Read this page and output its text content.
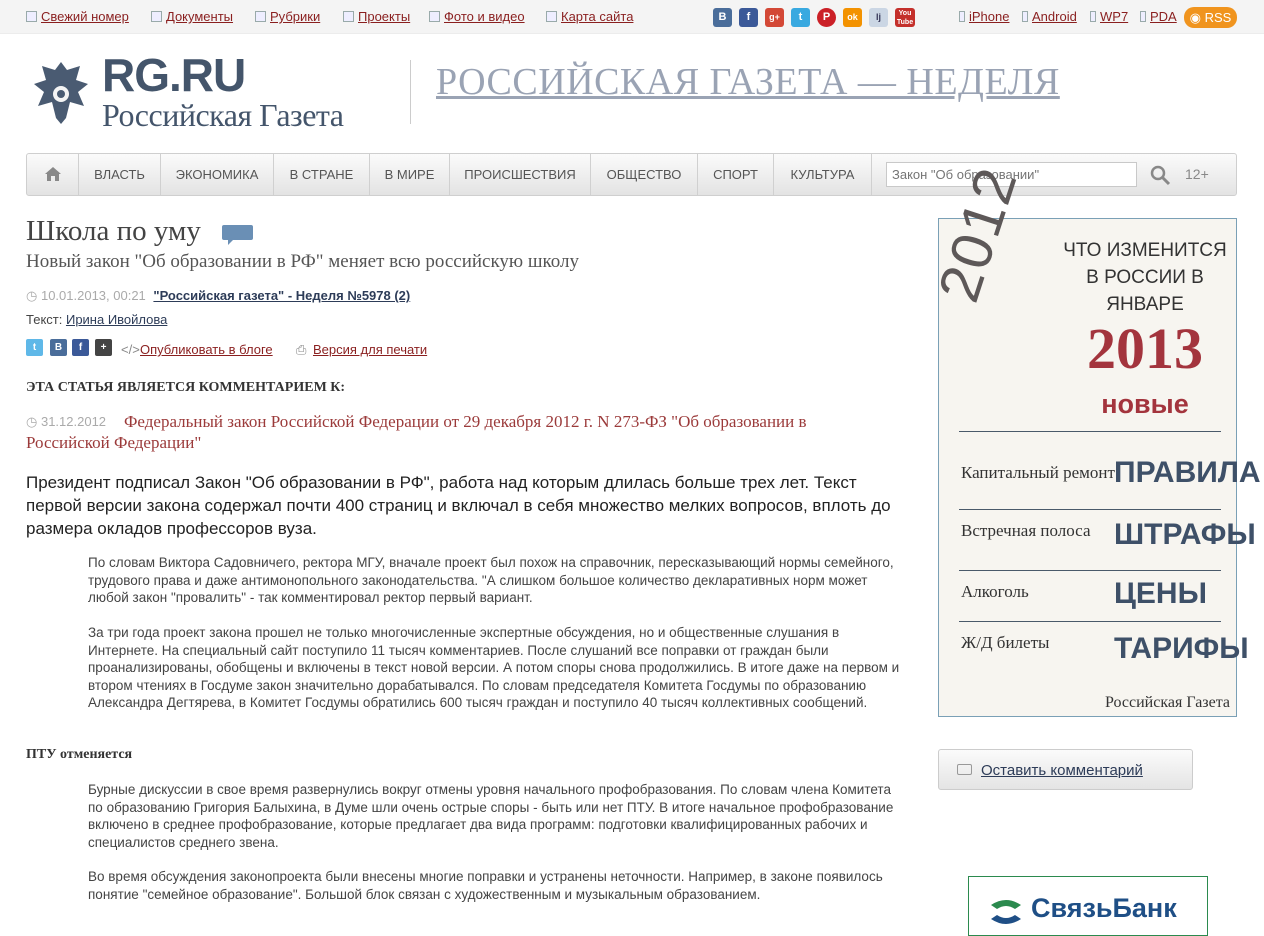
Свежий номер	Документы	Рубрики	Проекты	Фото и видео	Карта сайта	В	f	g+	t	P	ok	lj	You Tube	iPhone	Android	WP7	PDA ◉ RSS
RG.RU
Российская Газета
РОССИЙСКАЯ ГАЗЕТА — НЕДЕЛЯ
ВЛАСТЬ	ЭКОНОМИКА	В СТРАНЕ	В МИРЕ	ПРОИСШЕСТВИЯ	ОБЩЕСТВО	СПОРТ	КУЛЬТУРА
Закон "Об образовании"	12+
Школа по уму
Новый закон "Об образовании в РФ" меняет всю российскую школу
◷ 10.01.2013, 00:21 "Российская газета" - Неделя №5978 (2)
Текст: Ирина Ивойлова
t	В	f	+	</> Опубликовать в блоге ⎙ Версия для печати
ЭТА СТАТЬЯ ЯВЛЯЕТСЯ КОММЕНТАРИЕМ К:
◷ 31.12.2012	Федеральный закон Российской Федерации от 29 декабря 2012 г. N 273-ФЗ "Об образовании в Российской Федерации"
Президент подписал Закон "Об образовании в РФ", работа над которым длилась больше трех лет. Текст первой версии закона содержал почти 400 страниц и включал в себя множество мелких вопросов, вплоть до размера окладов профессоров вуза.

По словам Виктора Садовничего, ректора МГУ, вначале проект был похож на справочник, пересказывающий нормы семейного, трудового права и даже антимонопольного законодательства. "А слишком большое количество декларативных норм может любой закон "провалить" - так комментировал ректор первый вариант.

За три года проект закона прошел не только многочисленные экспертные обсуждения, но и общественные слушания в Интернете. На специальный сайт поступило 11 тысяч комментариев. После слушаний все поправки от граждан были проанализированы, обобщены и включены в текст новой версии. А потом споры снова продолжились. В итоге даже на первом и втором чтениях в Госдуме закон значительно дорабатывался. По словам председателя Комитета Госдумы по образованию Александра Дегтярева, в Комитет Госдумы обратились 600 тысяч граждан и поступило 40 тысяч коллективных сообщений.

ПТУ отменяется

Бурные дискуссии в свое время развернулись вокруг отмены уровня начального профобразования. По словам члена Комитета по образованию Григория Балыхина, в Думе шли очень острые споры - быть или нет ПТУ. В итоге начальное профобразование включено в среднее профобразование, которые предлагает два вида программ: подготовки квалифицированных рабочих и специалистов среднего звена.

Во время обсуждения законопроекта были внесены многие поправки и устранены неточности. Например, в законе появилось понятие "семейное образование". Большой блок связан с художественным и музыкальным образованием.

2012	ЧТО ИЗМЕНИТСЯ В РОССИИ В ЯНВАРЕ
2013
новые
Капитальный ремонт ПРАВИЛА
Встречная полоса ШТРАФЫ
Алкоголь	ЦЕНЫ
Ж/Д билеты ТАРИФЫ
Российская Газета
Оставить комментарий
СвязьБанк
